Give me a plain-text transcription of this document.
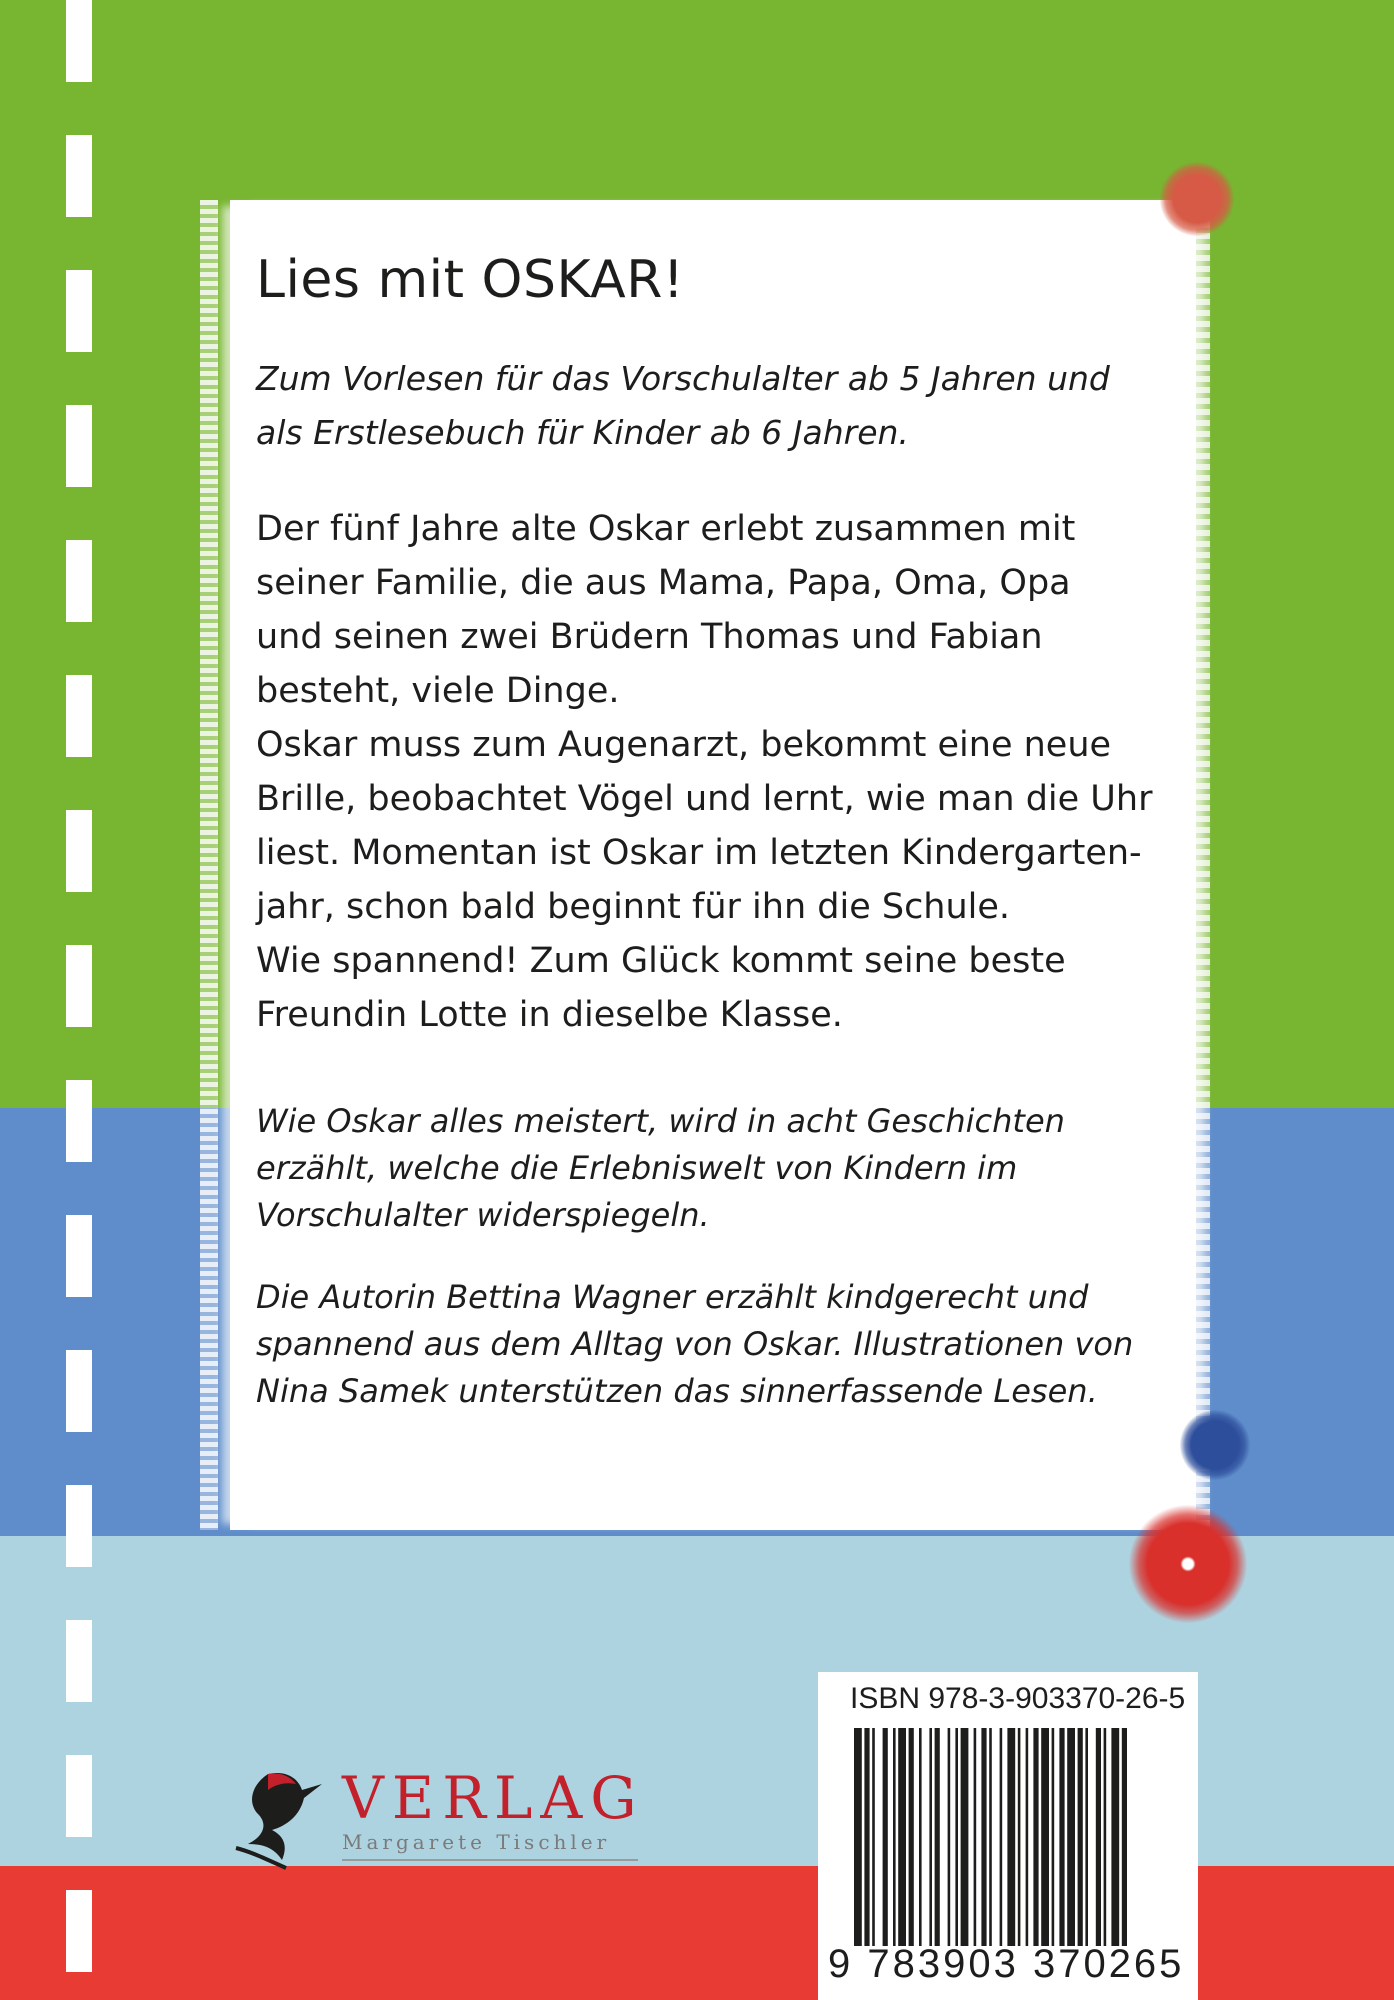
Lies mit OSKAR!

Zum Vorlesen für das Vorschulalter ab 5 Jahren und
als Erstlesebuch für Kinder ab 6 Jahren.

Der fünf Jahre alte Oskar erlebt zusammen mit
seiner Familie, die aus Mama, Papa, Oma, Opa
und seinen zwei Brüdern Thomas und Fabian
besteht, viele Dinge.
Oskar muss zum Augenarzt, bekommt eine neue
Brille, beobachtet Vögel und lernt, wie man die Uhr
liest. Momentan ist Oskar im letzten Kindergarten-
jahr, schon bald beginnt für ihn die Schule.
Wie spannend! Zum Glück kommt seine beste
Freundin Lotte in dieselbe Klasse.

Wie Oskar alles meistert, wird in acht Geschichten
erzählt, welche die Erlebniswelt von Kindern im
Vorschulalter widerspiegeln.

Die Autorin Bettina Wagner erzählt kindgerecht und
spannend aus dem Alltag von Oskar. Illustrationen von
Nina Samek unterstützen das sinnerfassende Lesen.

VERLAG
Margarete Tischler
ISBN 978-3-903370-26-5
9 783903 370265
